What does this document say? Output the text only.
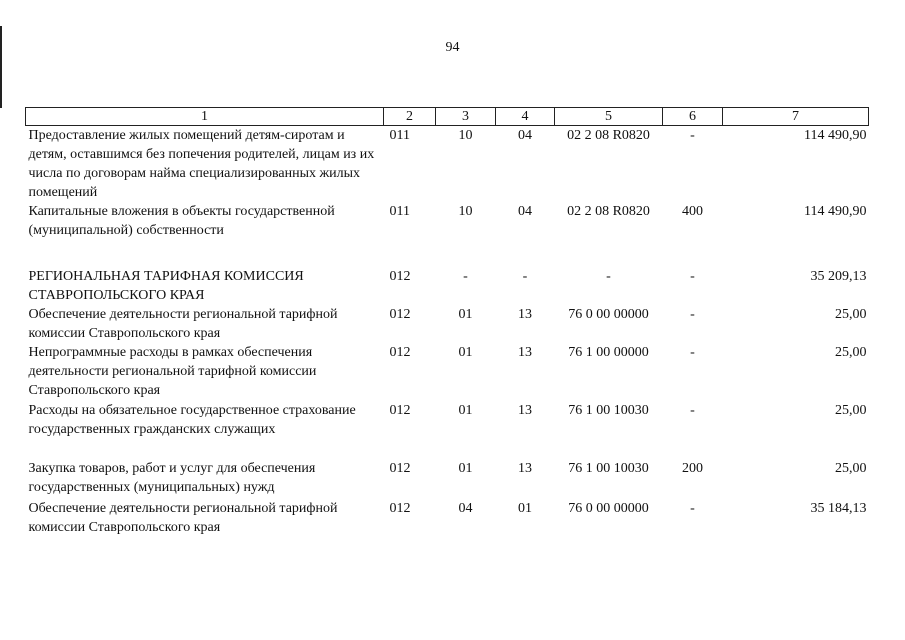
94
1	2	3	4	5	6	7
Предоставление жилых помещений детям-сиротам и детям, оставшимся без попечения родителей, лицам из их числа по договорам найма специализированных жилых помещений	011	10	04	02 2 08 R0820	-	114 490,90
Капитальные вложения в объекты государственной (муниципальной) собственности	011	10	04	02 2 08 R0820	400	114 490,90

РЕГИОНАЛЬНАЯ ТАРИФНАЯ КОМИССИЯ СТАВРОПОЛЬСКОГО КРАЯ	012	-	-	-	-	35 209,13
Обеспечение деятельности региональной тарифной комиссии Ставропольского края	012	01	13	76 0 00 00000	-	25,00
Непрограммные расходы в рамках обеспечения деятельности региональной тарифной комиссии Ставропольского края	012	01	13	76 1 00 00000	-	25,00
Расходы на обязательное государственное страхование государственных гражданских служащих	012	01	13	76 1 00 10030	-	25,00
Закупка товаров, работ и услуг для обеспечения государственных (муниципальных) нужд	012	01	13	76 1 00 10030	200	25,00
Обеспечение деятельности региональной тарифной комиссии Ставропольского края	012	04	01	76 0 00 00000	-	35 184,13
